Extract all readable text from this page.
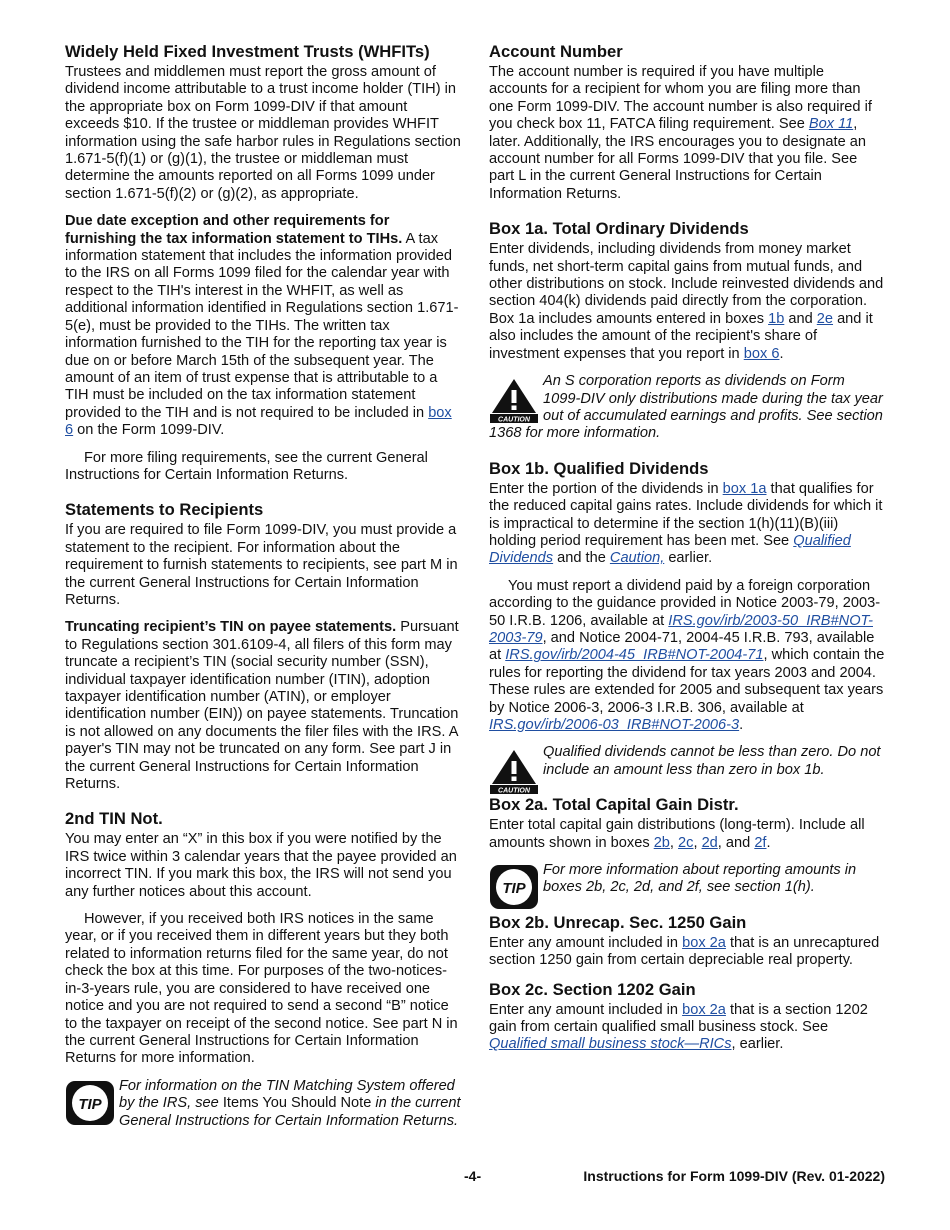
Widely Held Fixed Investment Trusts (WHFITs)

Trustees and middlemen must report the gross amount of dividend income attributable to a trust income holder (TIH) in the appropriate box on Form 1099-DIV if that amount exceeds $10. If the trustee or middleman provides WHFIT information using the safe harbor rules in Regulations section 1.671-5(f)(1) or (g)(1), the trustee or middleman must determine the amounts reported on all Forms 1099 under section 1.671-5(f)(2) or (g)(2), as appropriate.

Due date exception and other requirements for furnishing the tax information statement to TIHs. A tax information statement that includes the information provided to the IRS on all Forms 1099 filed for the calendar year with respect to the TIH's interest in the WHFIT, as well as additional information identified in Regulations section 1.671-5(e), must be provided to the TIHs. The written tax information furnished to the TIH for the reporting tax year is due on or before March 15th of the subsequent year. The amount of an item of trust expense that is attributable to a TIH must be included on the tax information statement provided to the TIH and is not required to be included in box 6 on the Form 1099-DIV.

For more filing requirements, see the current General Instructions for Certain Information Returns.

Statements to Recipients

If you are required to file Form 1099-DIV, you must provide a statement to the recipient. For information about the requirement to furnish statements to recipients, see part M in the current General Instructions for Certain Information Returns.

Truncating recipient’s TIN on payee statements. Pursuant to Regulations section 301.6109-4, all filers of this form may truncate a recipient’s TIN (social security number (SSN), individual taxpayer identification number (ITIN), adoption taxpayer identification number (ATIN), or employer identification number (EIN)) on payee statements. Truncation is not allowed on any documents the filer files with the IRS. A payer's TIN may not be truncated on any form. See part J in the current General Instructions for Certain Information Returns.

2nd TIN Not.

You may enter an “X” in this box if you were notified by the IRS twice within 3 calendar years that the payee provided an incorrect TIN. If you mark this box, the IRS will not send you any further notices about this account.

However, if you received both IRS notices in the same year, or if you received them in different years but they both related to information returns filed for the same year, do not check the box at this time. For purposes of the two-notices-in-3-years rule, you are considered to have received one notice and you are not required to send a second “B” notice to the taxpayer on receipt of the second notice. See part N in the current General Instructions for Certain Information Returns for more information.

TIP
For information on the TIN Matching System offered by the IRS, see Items You Should Note in the current General Instructions for Certain Information Returns.
Account Number

The account number is required if you have multiple accounts for a recipient for whom you are filing more than one Form 1099-DIV. The account number is also required if you check box 11, FATCA filing requirement. See Box 11, later. Additionally, the IRS encourages you to designate an account number for all Forms 1099-DIV that you file. See part L in the current General Instructions for Certain Information Returns.

Box 1a. Total Ordinary Dividends

Enter dividends, including dividends from money market funds, net short-term capital gains from mutual funds, and other distributions on stock. Include reinvested dividends and section 404(k) dividends paid directly from the corporation. Box 1a includes amounts entered in boxes 1b and 2e and it also includes the amount of the recipient's share of investment expenses that you report in box 6.

CAUTION
An S corporation reports as dividends on Form 1099-DIV only distributions made during the tax year out of accumulated earnings and profits. See section 1368 for more information.
Box 1b. Qualified Dividends

Enter the portion of the dividends in box 1a that qualifies for the reduced capital gains rates. Include dividends for which it is impractical to determine if the section 1(h)(11)(B)(iii) holding period requirement has been met. See Qualified Dividends and the Caution, earlier.

You must report a dividend paid by a foreign corporation according to the guidance provided in Notice 2003-79, 2003-50 I.R.B. 1206, available at IRS.gov/irb/2003-50_IRB#NOT-2003-79, and Notice 2004-71, 2004-45 I.R.B. 793, available at IRS.gov/irb/2004-45_IRB#NOT-2004-71, which contain the rules for reporting the dividend for tax years 2003 and 2004. These rules are extended for 2005 and subsequent tax years by Notice 2006-3, 2006-3 I.R.B. 306, available at IRS.gov/irb/2006-03_IRB#NOT-2006-3.

CAUTION
Qualified dividends cannot be less than zero. Do not include an amount less than zero in box 1b.
Box 2a. Total Capital Gain Distr.

Enter total capital gain distributions (long-term). Include all amounts shown in boxes 2b, 2c, 2d, and 2f.

TIP
For more information about reporting amounts in boxes 2b, 2c, 2d, and 2f, see section 1(h).
Box 2b. Unrecap. Sec. 1250 Gain

Enter any amount included in box 2a that is an unrecaptured section 1250 gain from certain depreciable real property.

Box 2c. Section 1202 Gain

Enter any amount included in box 2a that is a section 1202 gain from certain qualified small business stock. See Qualified small business stock—RICs, earlier.

-4-	Instructions for Form 1099-DIV (Rev. 01-2022)
